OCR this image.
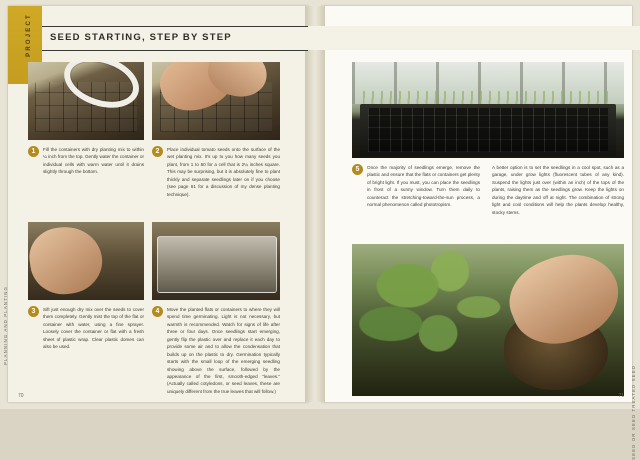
PROJECT SEED STARTING, STEP BY STEP
1	Fill the containers with dry planting mix to within ¼ inch from the top. Gently water the container or individual cells with warm water until it drains slightly through the bottom.
2	Place individual tomato seeds onto the surface of the wet planting mix. It's up to you how many seeds you plant, from 1 to 50 for a cell that is 2¼ inches square. This may be surprising, but it is absolutely fine to plant thickly and separate seedlings later on if you choose (see page 61 for a discussion of my dense planting technique).
3	Sift just enough dry mix over the seeds to cover them completely. Gently mist the top of the flat or container with water, using a fine sprayer. Loosely cover the container or flat with a fresh sheet of plastic wrap. Clear plastic domes can also be used.
4	Move the planted flats or containers to where they will spend time germinating. Light is not necessary, but warmth is recommended. Watch for signs of life after three or four days. Once seedlings start emerging, gently flip the plastic over and replace it each day to provide some air and to allow the condensation that builds up on the plastic to dry. Germination typically starts with the small loop of the emerging seedling showing above the surface, followed by the appearance of the first, smooth-edged "leaves." (Actually called cotyledons, or seed leaves, these are uniquely different from the true leaves that will follow.)
5	Once the majority of seedlings emerge, remove the plastic and ensure that the flats or containers get plenty of bright light. If you must, you can place the seedlings in front of a sunny window. Turn them daily to counteract the stretching-toward-the-sun process, a normal phenomenon called phototropism.
A better option is to set the seedlings in a cool spot, such as a garage, under grow lights (fluorescent tubes of any kind). Suspend the lights just over (within an inch) of the tops of the plants, raising them as the seedlings grow. Keep the lights on during the daytime and off at night. The combination of strong light and cool conditions will help the plants develop healthy, stocky stems.
PLANNING AND PLANTING
SEED OR SEED TREATED SEED
70	71
